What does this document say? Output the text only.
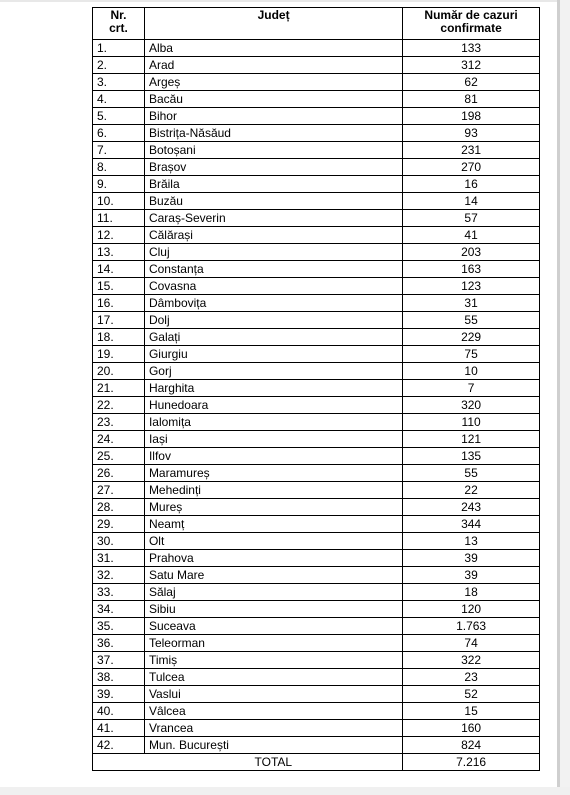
Nr. crt.	Județ	Număr de cazuri confirmate
1.	Alba	133
2.	Arad	312
3.	Argeș	62
4.	Bacău	81
5.	Bihor	198
6.	Bistrița-Năsăud	93
7.	Botoșani	231
8.	Brașov	270
9.	Brăila	16
10.	Buzău	14
11.	Caraș-Severin	57
12.	Călărași	41
13.	Cluj	203
14.	Constanța	163
15.	Covasna	123
16.	Dâmbovița	31
17.	Dolj	55
18.	Galați	229
19.	Giurgiu	75
20.	Gorj	10
21.	Harghita	7
22.	Hunedoara	320
23.	Ialomița	110
24.	Iași	121
25.	Ilfov	135
26.	Maramureș	55
27.	Mehedinți	22
28.	Mureș	243
29.	Neamț	344
30.	Olt	13
31.	Prahova	39
32.	Satu Mare	39
33.	Sălaj	18
34.	Sibiu	120
35.	Suceava	1.763
36.	Teleorman	74
37.	Timiș	322
38.	Tulcea	23
39.	Vaslui	52
40.	Vâlcea	15
41.	Vrancea	160
42.	Mun. București	824
	TOTAL	7.216
